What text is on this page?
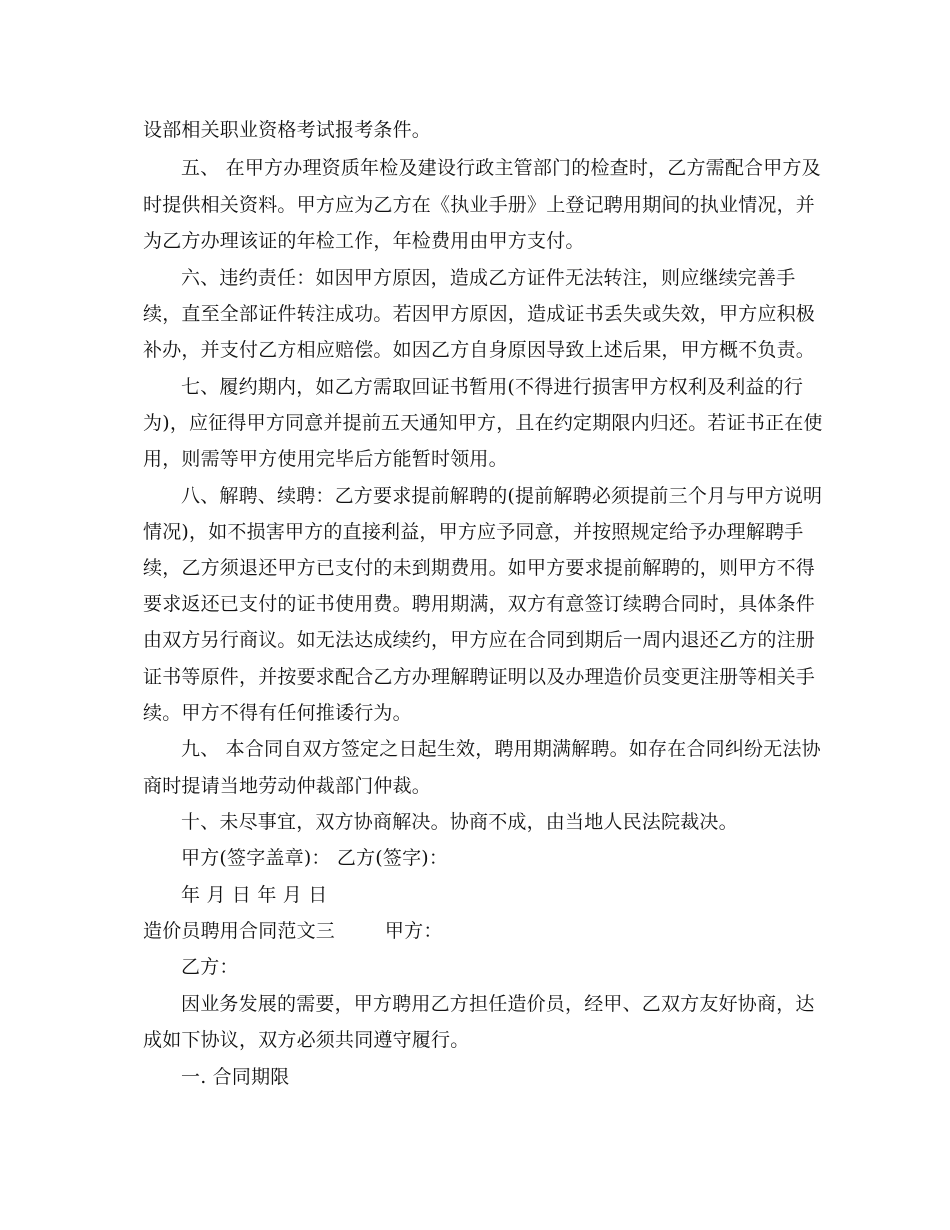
设部相关职业资格考试报考条件。
五、 在甲方办理资质年检及建设行政主管部门的检查时，乙方需配合甲方及
时提供相关资料。甲方应为乙方在《执业手册》上登记聘用期间的执业情况，并
为乙方办理该证的年检工作，年检费用由甲方支付。
六、违约责任：如因甲方原因，造成乙方证件无法转注，则应继续完善手
续，直至全部证件转注成功。若因甲方原因，造成证书丢失或失效，甲方应积极
补办，并支付乙方相应赔偿。如因乙方自身原因导致上述后果，甲方概不负责。
七、履约期内，如乙方需取回证书暂用(不得进行损害甲方权利及利益的行
为)，应征得甲方同意并提前五天通知甲方，且在约定期限内归还。若证书正在使
用，则需等甲方使用完毕后方能暂时领用。
八、解聘、续聘：乙方要求提前解聘的(提前解聘必须提前三个月与甲方说明
情况)，如不损害甲方的直接利益，甲方应予同意，并按照规定给予办理解聘手
续，乙方须退还甲方已支付的未到期费用。如甲方要求提前解聘的，则甲方不得
要求返还已支付的证书使用费。聘用期满，双方有意签订续聘合同时，具体条件
由双方另行商议。如无法达成续约，甲方应在合同到期后一周内退还乙方的注册
证书等原件，并按要求配合乙方办理解聘证明以及办理造价员变更注册等相关手
续。甲方不得有任何推诿行为。
九、 本合同自双方签定之日起生效，聘用期满解聘。如存在合同纠纷无法协
商时提请当地劳动仲裁部门仲裁。
十、未尽事宜，双方协商解决。协商不成，由当地人民法院裁决。
甲方(签字盖章)： 乙方(签字)：
年 月 日 年 月 日
造价员聘用合同范文三        甲方：
乙方：
因业务发展的需要，甲方聘用乙方担任造价员，经甲、乙双方友好协商，达
成如下协议，双方必须共同遵守履行。
一. 合同期限
